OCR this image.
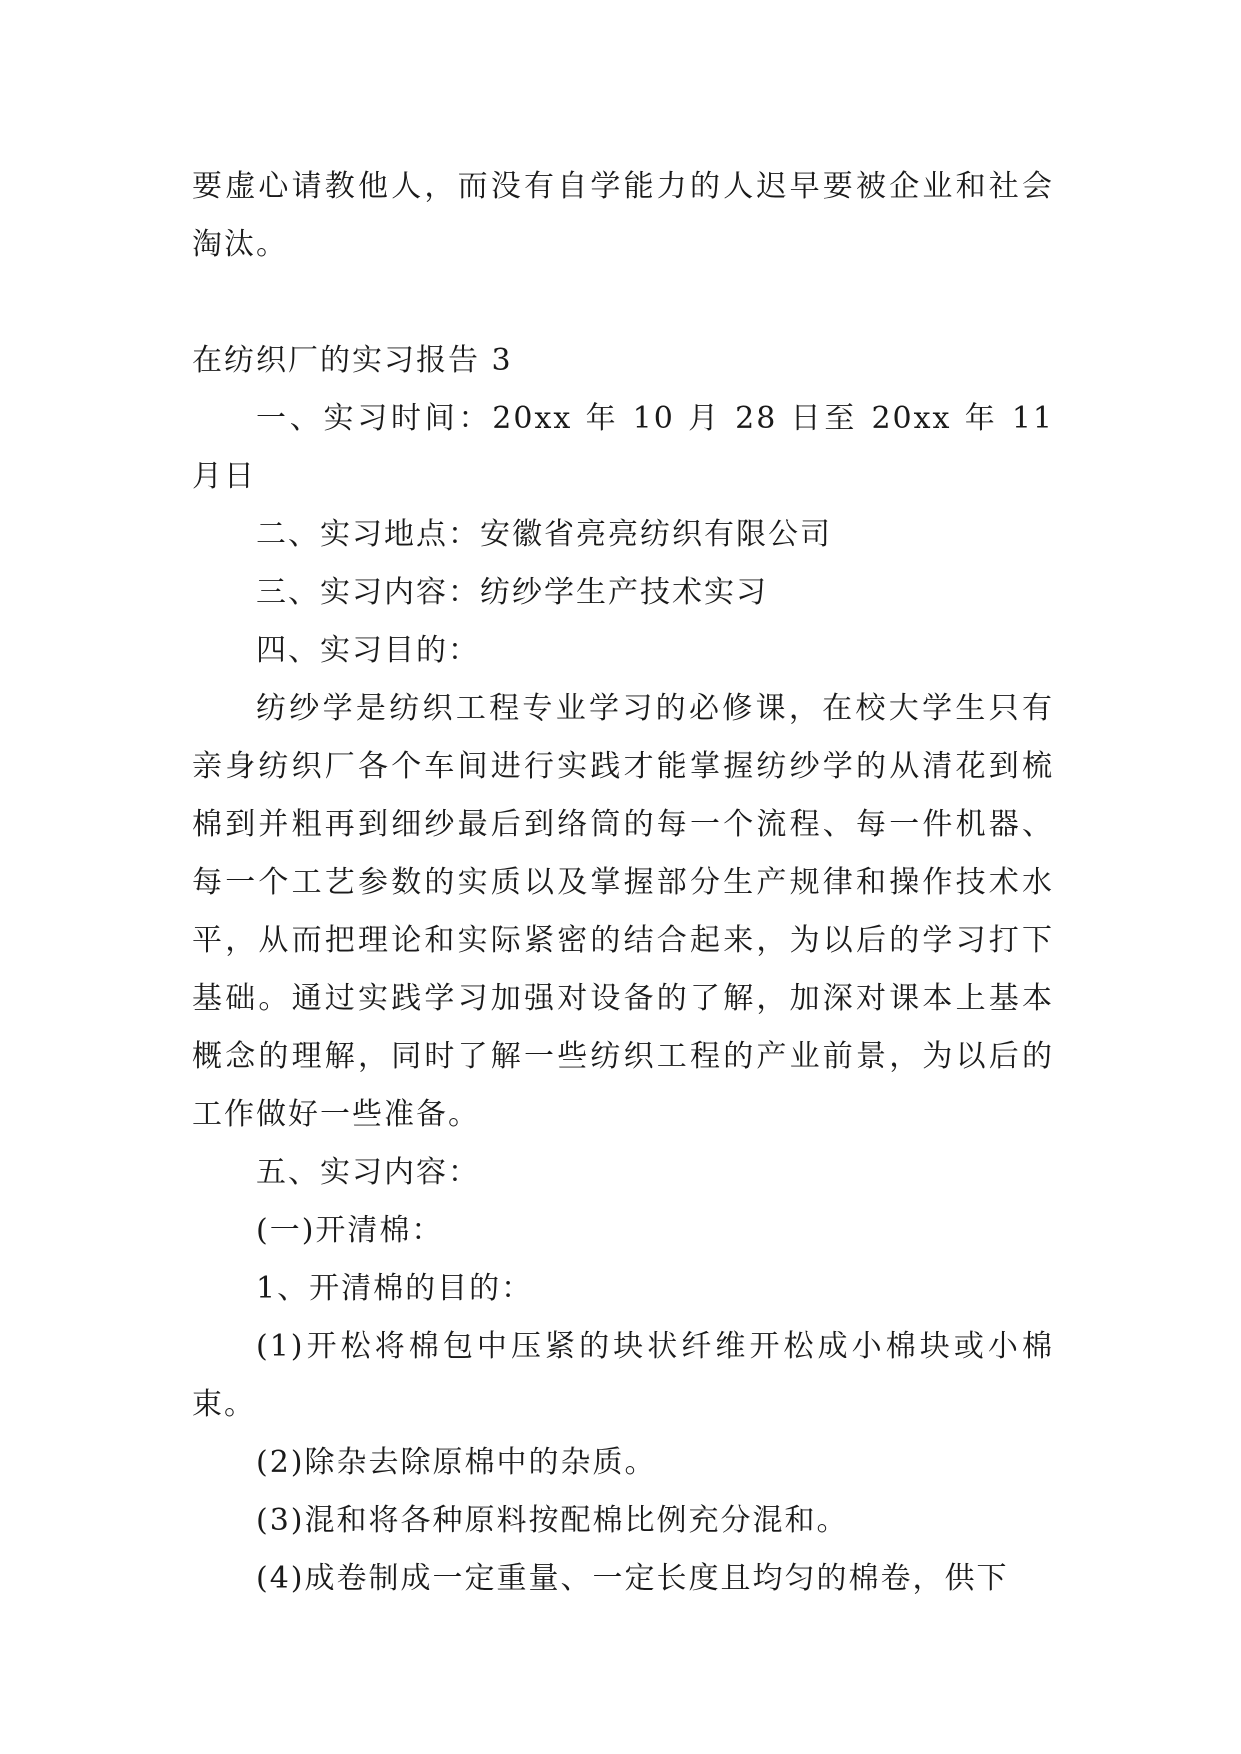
要虚心请教他人，而没有自学能力的人迟早要被企业和社会淘汰。

在纺织厂的实习报告 3

一、实习时间：20xx 年 10 月 28 日至 20xx 年 11 月日

二、实习地点：安徽省亮亮纺织有限公司

三、实习内容：纺纱学生产技术实习

四、实习目的：

纺纱学是纺织工程专业学习的必修课，在校大学生只有亲身纺织厂各个车间进行实践才能掌握纺纱学的从清花到梳棉到并粗再到细纱最后到络筒的每一个流程、每一件机器、每一个工艺参数的实质以及掌握部分生产规律和操作技术水平，从而把理论和实际紧密的结合起来，为以后的学习打下基础。通过实践学习加强对设备的了解，加深对课本上基本概念的理解，同时了解一些纺织工程的产业前景，为以后的工作做好一些准备。

五、实习内容：

(一)开清棉：

1、开清棉的目的：

(1)开松将棉包中压紧的块状纤维开松成小棉块或小棉束。

(2)除杂去除原棉中的杂质。

(3)混和将各种原料按配棉比例充分混和。

(4)成卷制成一定重量、一定长度且均匀的棉卷，供下
